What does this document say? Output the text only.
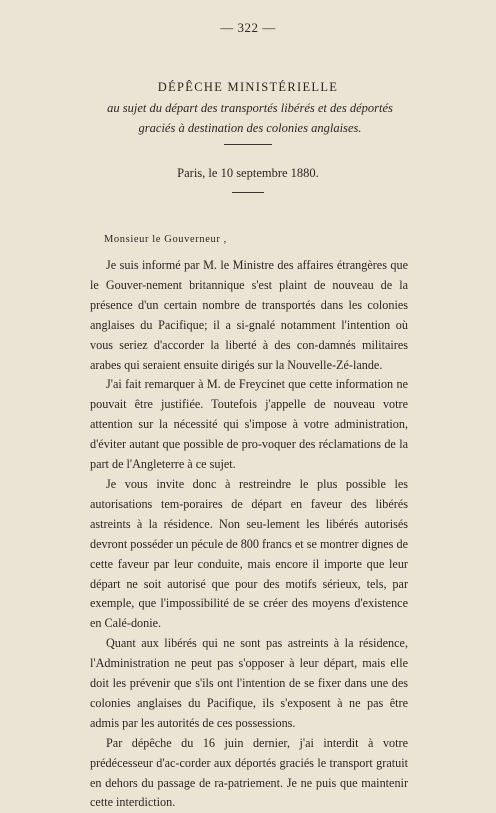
— 322 —
DÉPÊCHE MINISTÉRIELLE
au sujet du départ des transportés libérés et des déportés graciés à destination des colonies anglaises.
Paris, le 10 septembre 1880.
Monsieur le Gouverneur ,

Je suis informé par M. le Ministre des affaires étrangères que le Gouver-nement britannique s'est plaint de nouveau de la présence d'un certain nombre de transportés dans les colonies anglaises du Pacifique; il a si-gnalé notamment l'intention où vous seriez d'accorder la liberté à des con-damnés militaires arabes qui seraient ensuite dirigés sur la Nouvelle-Zé-lande.

J'ai fait remarquer à M. de Freycinet que cette information ne pouvait être justifiée. Toutefois j'appelle de nouveau votre attention sur la nécessité qui s'impose à votre administration, d'éviter autant que possible de pro-voquer des réclamations de la part de l'Angleterre à ce sujet.

Je vous invite donc à restreindre le plus possible les autorisations tem-poraires de départ en faveur des libérés astreints à la résidence. Non seu-lement les libérés autorisés devront posséder un pécule de 800 francs et se montrer dignes de cette faveur par leur conduite, mais encore il importe que leur départ ne soit autorisé que pour des motifs sérieux, tels, par exemple, que l'impossibilité de se créer des moyens d'existence en Calé-donie.

Quant aux libérés qui ne sont pas astreints à la résidence, l'Administration ne peut pas s'opposer à leur départ, mais elle doit les prévenir que s'ils ont l'intention de se fixer dans une des colonies anglaises du Pacifique, ils s'exposent à ne pas être admis par les autorités de ces possessions.

Par dépêche du 16 juin dernier, j'ai interdit à votre prédécesseur d'ac-corder aux déportés graciés le transport gratuit en dehors du passage de ra-patriement. Je ne puis que maintenir cette interdiction.
